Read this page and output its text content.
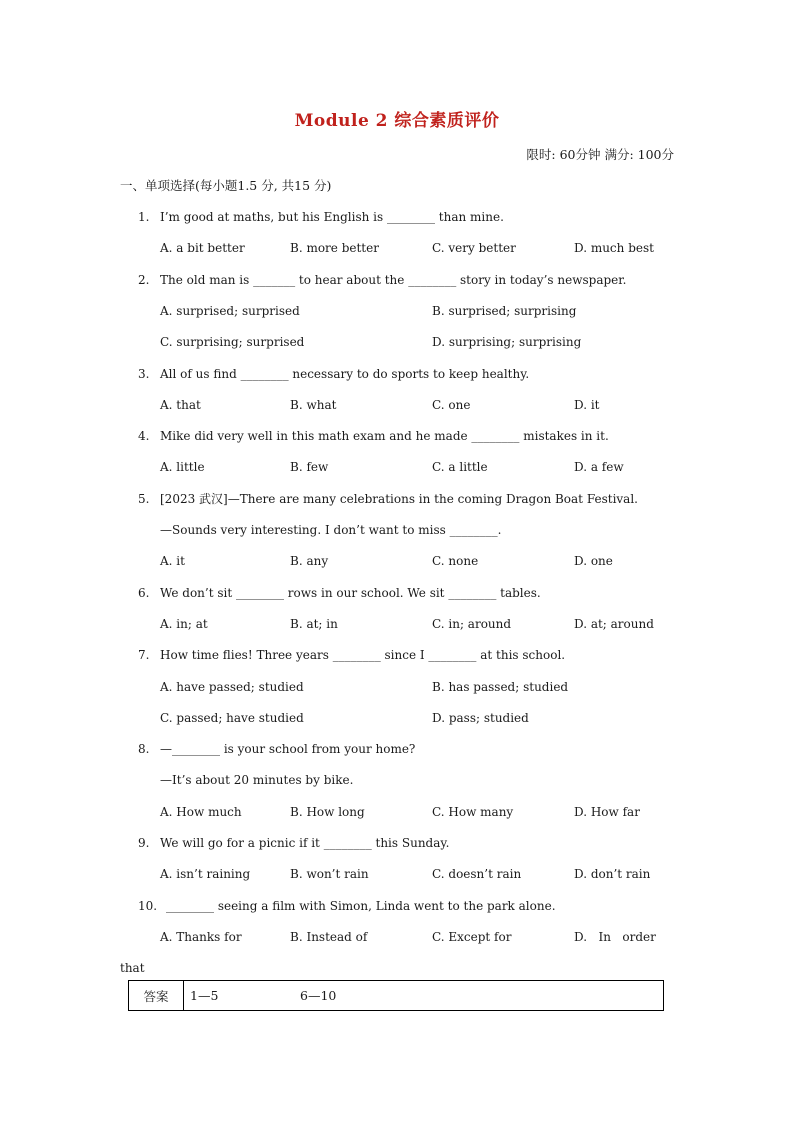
Module 2 综合素质评价
限时: 60分钟 满分: 100分
一、单项选择(每小题1.5 分, 共15 分)
1. I’m good at maths, but his English is ________ than mine.
A. a bit better	B. more better	C. very better	D. much best
2. The old man is _______ to hear about the ________ story in today’s newspaper.
A. surprised; surprised	B. surprised; surprising
C. surprising; surprised	D. surprising; surprising
3. All of us find ________ necessary to do sports to keep healthy.
A. that	B. what	C. one	D. it
4. Mike did very well in this math exam and he made ________ mistakes in it.
A. little	B. few	C. a little	D. a few
5. [2023 武汉]—There are many celebrations in the coming Dragon Boat Festival.
—Sounds very interesting. I don’t want to miss ________.
A. it	B. any	C. none	D. one
6. We don’t sit ________ rows in our school. We sit ________ tables.
A. in; at	B. at; in	C. in; around	D. at; around
7. How time flies! Three years ________ since I ________ at this school.
A. have passed; studied	B. has passed; studied
C. passed; have studied	D. pass; studied
8. —________ is your school from your home?
—It’s about 20 minutes by bike.
A. How much	B. How long	C. How many	D. How far
9. We will go for a picnic if it ________ this Sunday.
A. isn’t raining	B. won’t rain	C. doesn’t rain	D. don’t rain
10. ________ seeing a film with Simon, Linda went to the park alone.
A. Thanks for	B. Instead of	C. Except for	D.   In   order
that
答案	1—5	6—10
